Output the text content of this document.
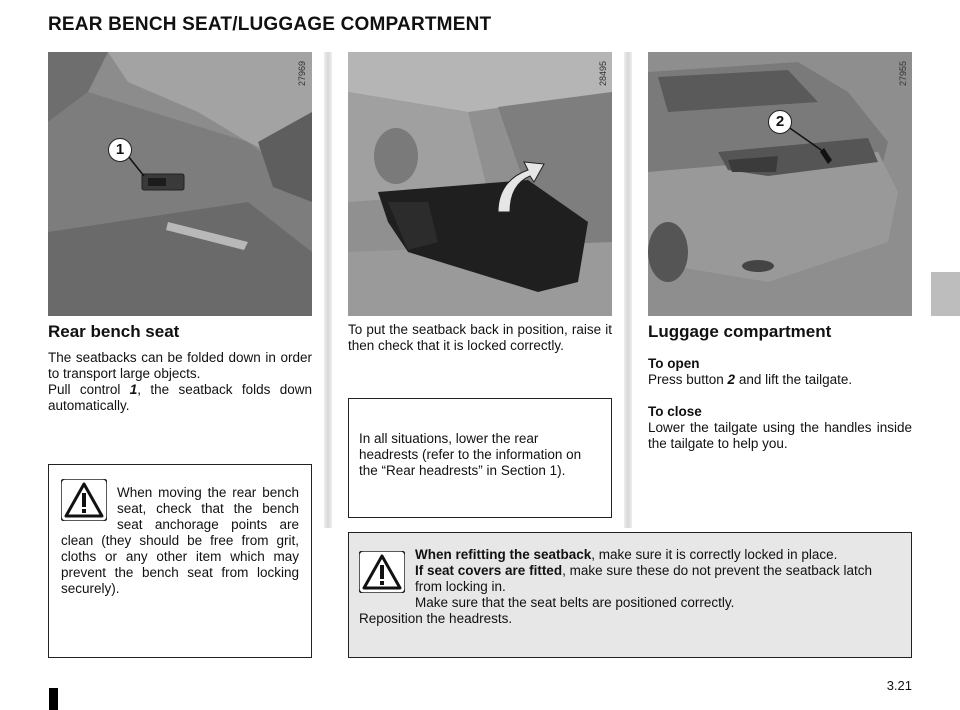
REAR BENCH SEAT/LUGGAGE COMPARTMENT
1
27969	28495
2
27955
Rear bench seat
The seatbacks can be folded down in order to transport large objects.
Pull control 1, the seatback folds down automatically.
When moving the rear bench seat, check that the bench seat anchorage points are clean (they should be free from grit, cloths or any other item which may prevent the bench seat from locking securely).
To put the seatback back in position, raise it then check that it is locked correctly.
In all situations, lower the rear headrests (refer to the information on the “Rear headrests” in Section 1).
Luggage compartment
To open
Press button 2 and lift the tailgate.
To close
Lower the tailgate using the handles inside the tailgate to help you.
When refitting the seatback, make sure it is correctly locked in place.
If seat covers are fitted, make sure these do not prevent the seatback latch from locking in.
Make sure that the seat belts are positioned correctly.
Reposition the headrests.
3.21
